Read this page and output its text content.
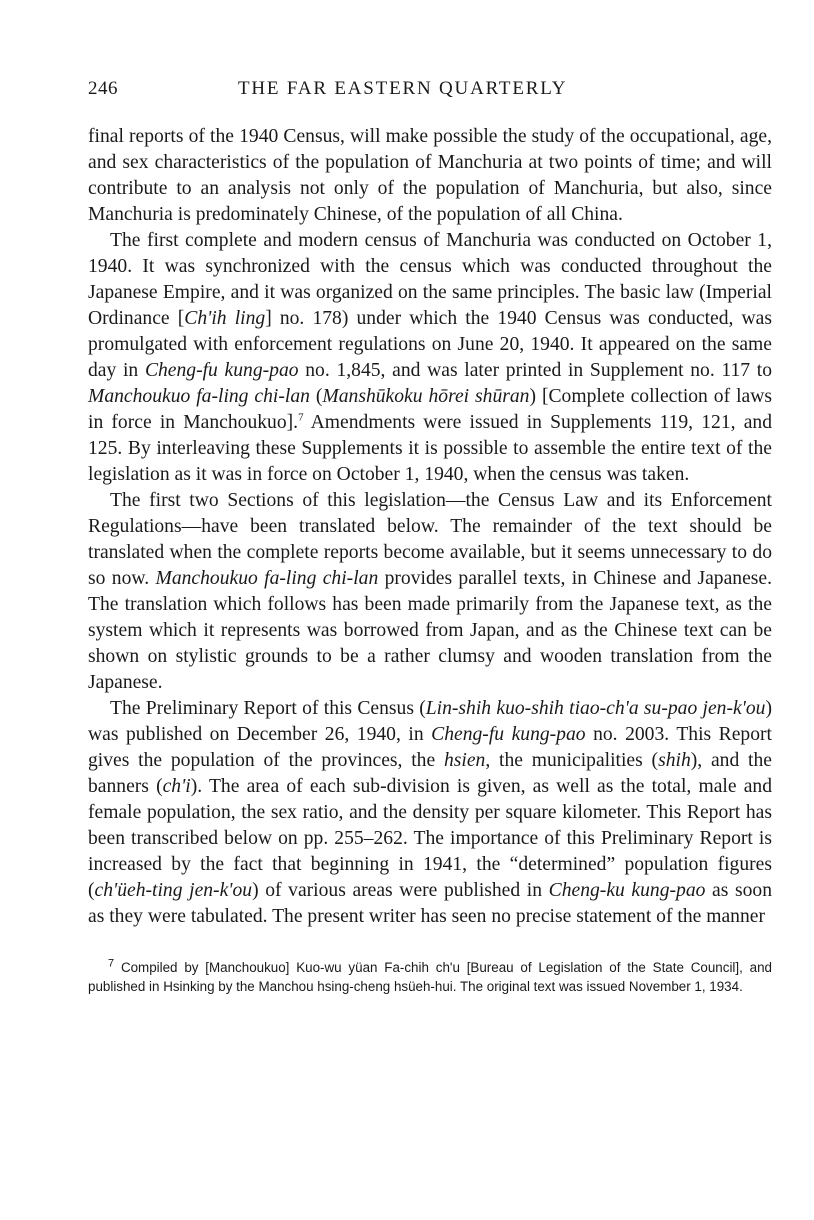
246	THE FAR EASTERN QUARTERLY

final reports of the 1940 Census, will make possible the study of the occupational, age, and sex characteristics of the population of Manchuria at two points of time; and will contribute to an analysis not only of the population of Manchuria, but also, since Manchuria is predominately Chinese, of the population of all China.

The first complete and modern census of Manchuria was conducted on October 1, 1940. It was synchronized with the census which was conducted throughout the Japanese Empire, and it was organized on the same principles. The basic law (Imperial Ordinance [Ch'ih ling] no. 178) under which the 1940 Census was conducted, was promulgated with enforcement regulations on June 20, 1940. It appeared on the same day in Cheng-fu kung-pao no. 1,845, and was later printed in Supplement no. 117 to Manchoukuo fa-ling chi-lan (Manshūkoku hōrei shūran) [Complete collection of laws in force in Manchoukuo].$^7$ Amendments were issued in Supplements 119, 121, and 125. By interleaving these Supplements it is possible to assemble the entire text of the legislation as it was in force on October 1, 1940, when the census was taken.

The first two Sections of this legislation—the Census Law and its Enforcement Regulations—have been translated below. The remainder of the text should be translated when the complete reports become available, but it seems unnecessary to do so now. Manchoukuo fa-ling chi-lan provides parallel texts, in Chinese and Japanese. The translation which follows has been made primarily from the Japanese text, as the system which it represents was borrowed from Japan, and as the Chinese text can be shown on stylistic grounds to be a rather clumsy and wooden translation from the Japanese.

The Preliminary Report of this Census (Lin-shih kuo-shih tiao-ch'a su-pao jen-k'ou) was published on December 26, 1940, in Cheng-fu kung-pao no. 2003. This Report gives the population of the provinces, the hsien, the municipalities (shih), and the banners (ch'i). The area of each sub-division is given, as well as the total, male and female population, the sex ratio, and the density per square kilometer. This Report has been transcribed below on pp. 255–262. The importance of this Preliminary Report is increased by the fact that beginning in 1941, the “determined” population figures (ch'üeh-ting jen-k'ou) of various areas were published in Cheng-ku kung-pao as soon as they were tabulated. The present writer has seen no precise statement of the manner

$^7$ Compiled by [Manchoukuo] Kuo-wu yüan Fa-chih ch'u [Bureau of Legislation of the State Council], and published in Hsinking by the Manchou hsing-cheng hsüeh-hui. The original text was issued November 1, 1934.
